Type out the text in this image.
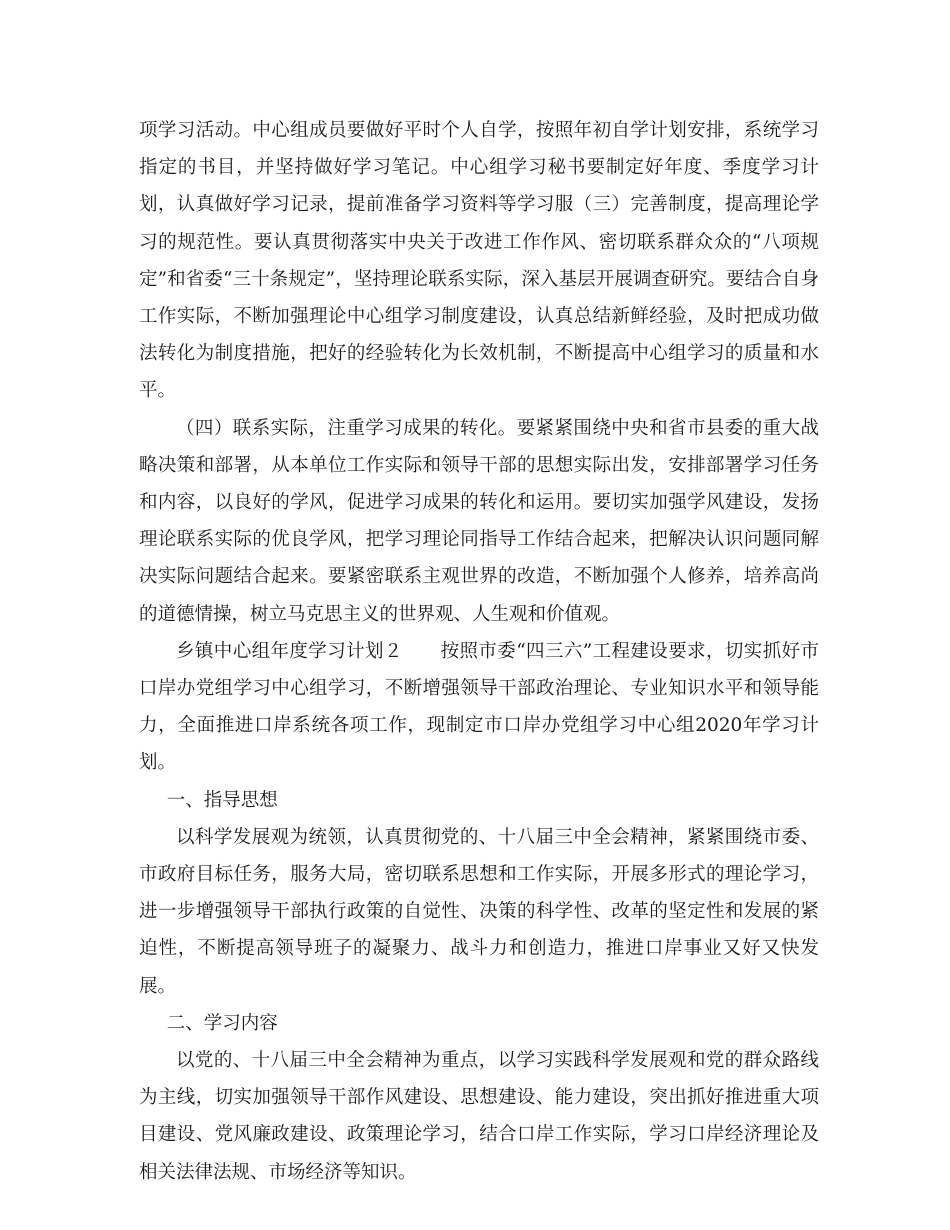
项学习活动。中心组成员要做好平时个人自学，按照年初自学计划安排，系统学习指定的书目，并坚持做好学习笔记。中心组学习秘书要制定好年度、季度学习计划，认真做好学习记录，提前准备学习资料等学习服（三）完善制度，提高理论学习的规范性。要认真贯彻落实中央关于改进工作作风、密切联系群众众的“八项规定”和省委“三十条规定”，坚持理论联系实际，深入基层开展调查研究。要结合自身工作实际，不断加强理论中心组学习制度建设，认真总结新鲜经验，及时把成功做法转化为制度措施，把好的经验转化为长效机制，不断提高中心组学习的质量和水平。

（四）联系实际，注重学习成果的转化。要紧紧围绕中央和省市县委的重大战略决策和部署，从本单位工作实际和领导干部的思想实际出发，安排部署学习任务和内容，以良好的学风，促进学习成果的转化和运用。要切实加强学风建设，发扬理论联系实际的优良学风，把学习理论同指导工作结合起来，把解决认识问题同解决实际问题结合起来。要紧密联系主观世界的改造，不断加强个人修养，培养高尚的道德情操，树立马克思主义的世界观、人生观和价值观。

乡镇中心组年度学习计划２　　按照市委“四三六”工程建设要求，切实抓好市口岸办党组学习中心组学习，不断增强领导干部政治理论、专业知识水平和领导能力，全面推进口岸系统各项工作，现制定市口岸办党组学习中心组2020年学习计划。

一、指导思想

以科学发展观为统领，认真贯彻党的、十八届三中全会精神，紧紧围绕市委、市政府目标任务，服务大局，密切联系思想和工作实际，开展多形式的理论学习，进一步增强领导干部执行政策的自觉性、决策的科学性、改革的坚定性和发展的紧迫性，不断提高领导班子的凝聚力、战斗力和创造力，推进口岸事业又好又快发展。

二、学习内容

以党的、十八届三中全会精神为重点，以学习实践科学发展观和党的群众路线为主线，切实加强领导干部作风建设、思想建设、能力建设，突出抓好推进重大项目建设、党风廉政建设、政策理论学习，结合口岸工作实际，学习口岸经济理论及相关法律法规、市场经济等知识。
